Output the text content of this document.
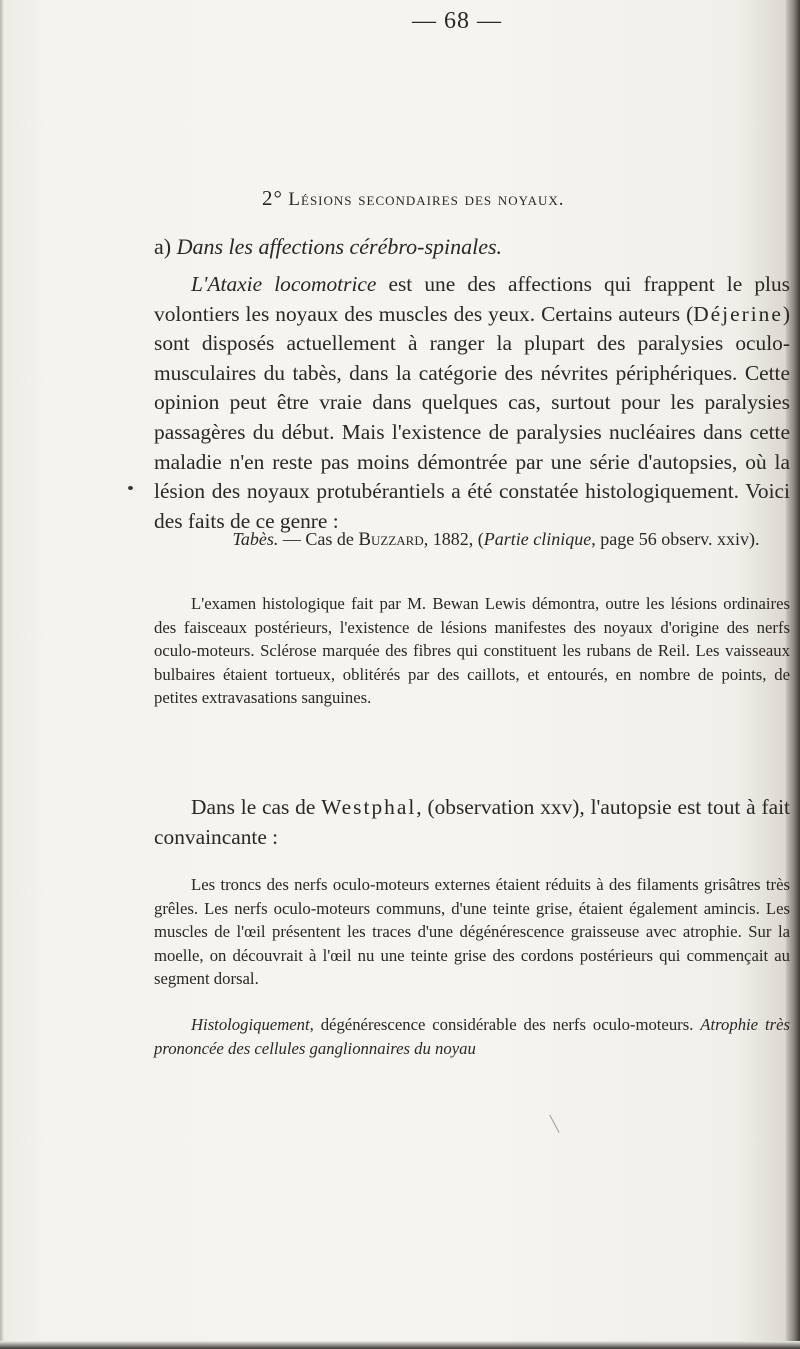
— 68 —
2° Lésions secondaires des noyaux.
a) Dans les affections cérébro-spinales.
L'Ataxie locomotrice est une des affections qui frappent le plus volontiers les noyaux des muscles des yeux. Certains auteurs (Déjerine) sont disposés actuellement à ranger la plupart des paralysies oculo-musculaires du tabès, dans la catégorie des névrites périphériques. Cette opinion peut être vraie dans quelques cas, surtout pour les paralysies passagères du début. Mais l'existence de paralysies nucléaires dans cette maladie n'en reste pas moins démontrée par une série d'autopsies, où la lésion des noyaux protubérantiels a été constatée histologiquement. Voici des faits de ce genre :
Tabès. — Cas de Buzzard, 1882, (Partie clinique, page 56 observ. xxiv).
L'examen histologique fait par M. Bewan Lewis démontra, outre les lésions ordinaires des faisceaux postérieurs, l'existence de lésions manifestes des noyaux d'origine des nerfs oculo-moteurs. Sclérose marquée des fibres qui constituent les rubans de Reil. Les vaisseaux bulbaires étaient tortueux, oblitérés par des caillots, et entourés, en nombre de points, de petites extravasations sanguines.
Dans le cas de Westphal, (observation xxv), l'autopsie est tout à fait convaincante :
Les troncs des nerfs oculo-moteurs externes étaient réduits à des filaments grisâtres très grêles. Les nerfs oculo-moteurs communs, d'une teinte grise, étaient également amincis. Les muscles de l'œil présentent les traces d'une dégénérescence graisseuse avec atrophie. Sur la moelle, on découvrait à l'œil nu une teinte grise des cordons postérieurs qui commençait au segment dorsal.
Histologiquement, dégénérescence considérable des nerfs oculo-moteurs. Atrophie très prononcée des cellules ganglionnaires du noyau
